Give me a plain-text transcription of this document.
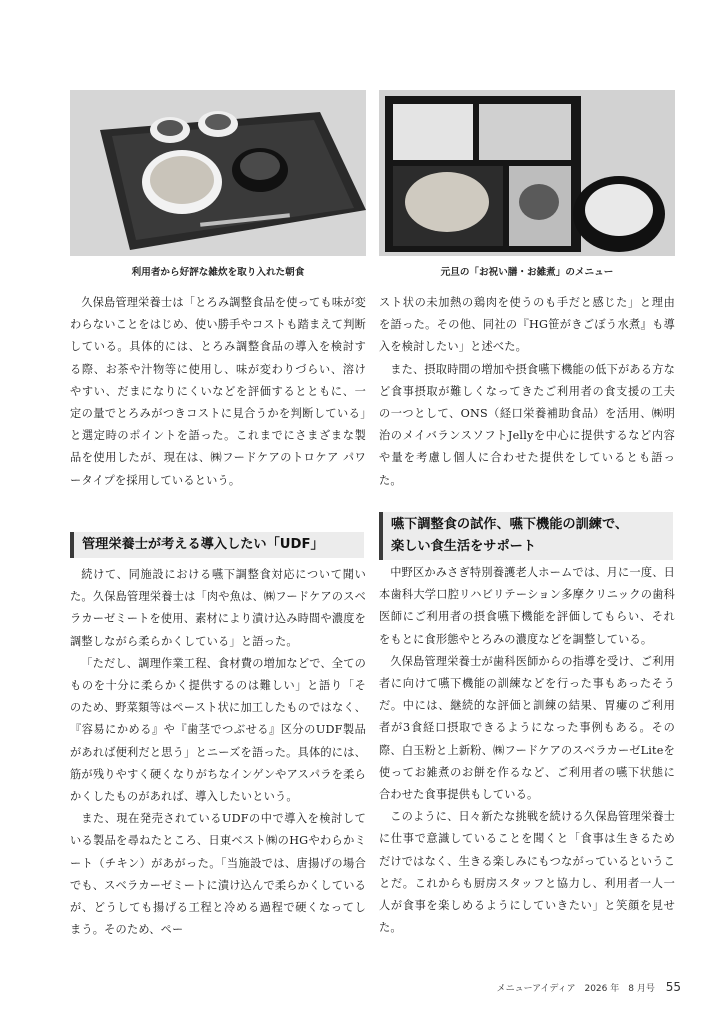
利用者から好評な雑炊を取り入れた朝食	元旦の「お祝い膳・お雑煮」のメニュー

久保島管理栄養士は「とろみ調整食品を使っても味が変わらないことをはじめ、使い勝手やコストも踏まえて判断している。具体的には、とろみ調整食品の導入を検討する際、お茶や汁物等に使用し、味が変わりづらい、溶けやすい、だまになりにくいなどを評価するとともに、一定の量でとろみがつきコストに見合うかを判断している」と選定時のポイントを語った。これまでにさまざまな製品を使用したが、現在は、㈱フードケアのトロケア パワータイプを採用しているという。

管理栄養士が考える導入したい「UDF」

続けて、同施設における嚥下調整食対応について聞いた。久保島管理栄養士は「肉や魚は、㈱フードケアのスベラカーゼミートを使用、素材により漬け込み時間や濃度を調整しながら柔らかくしている」と語った。

「ただし、調理作業工程、食材費の増加などで、全てのものを十分に柔らかく提供するのは難しい」と語り「そのため、野菜類等はペースト状に加工したものではなく、『容易にかめる』や『歯茎でつぶせる』区分のUDF製品があれば便利だと思う」とニーズを語った。具体的には、筋が残りやすく硬くなりがちなインゲンやアスパラを柔らかくしたものがあれば、導入したいという。

また、現在発売されているUDFの中で導入を検討している製品を尋ねたところ、日東ベスト㈱のHGやわらかミート（チキン）があがった。「当施設では、唐揚げの場合でも、スベラカーゼミートに漬け込んで柔らかくしているが、どうしても揚げる工程と冷める過程で硬くなってしまう。そのため、ペー

スト状の未加熱の鶏肉を使うのも手だと感じた」と理由を語った。その他、同社の『HG笹がきごぼう水煮』も導入を検討したい」と述べた。

また、摂取時間の増加や摂食嚥下機能の低下がある方など食事摂取が難しくなってきたご利用者の食支援の工夫の一つとして、ONS（経口栄養補助食品）を活用、㈱明治のメイバランスソフトJellyを中心に提供するなど内容や量を考慮し個人に合わせた提供をしているとも語った。

嚥下調整食の試作、嚥下機能の訓練で、
楽しい食生活をサポート

中野区かみさぎ特別養護老人ホームでは、月に一度、日本歯科大学口腔リハビリテーション多摩クリニックの歯科医師にご利用者の摂食嚥下機能を評価してもらい、それをもとに食形態やとろみの濃度などを調整している。

久保島管理栄養士が歯科医師からの指導を受け、ご利用者に向けて嚥下機能の訓練などを行った事もあったそうだ。中には、継続的な評価と訓練の結果、胃瘻のご利用者が3食経口摂取できるようになった事例もある。その際、白玉粉と上新粉、㈱フードケアのスベラカーゼLiteを使ってお雑煮のお餅を作るなど、ご利用者の嚥下状態に合わせた食事提供もしている。

このように、日々新たな挑戦を続ける久保島管理栄養士に仕事で意識していることを聞くと「食事は生きるためだけではなく、生きる楽しみにもつながっているということだ。これからも厨房スタッフと協力し、利用者一人一人が食事を楽しめるようにしていきたい」と笑顔を見せた。

メニューアイディア 2026 年　8 月号 55
